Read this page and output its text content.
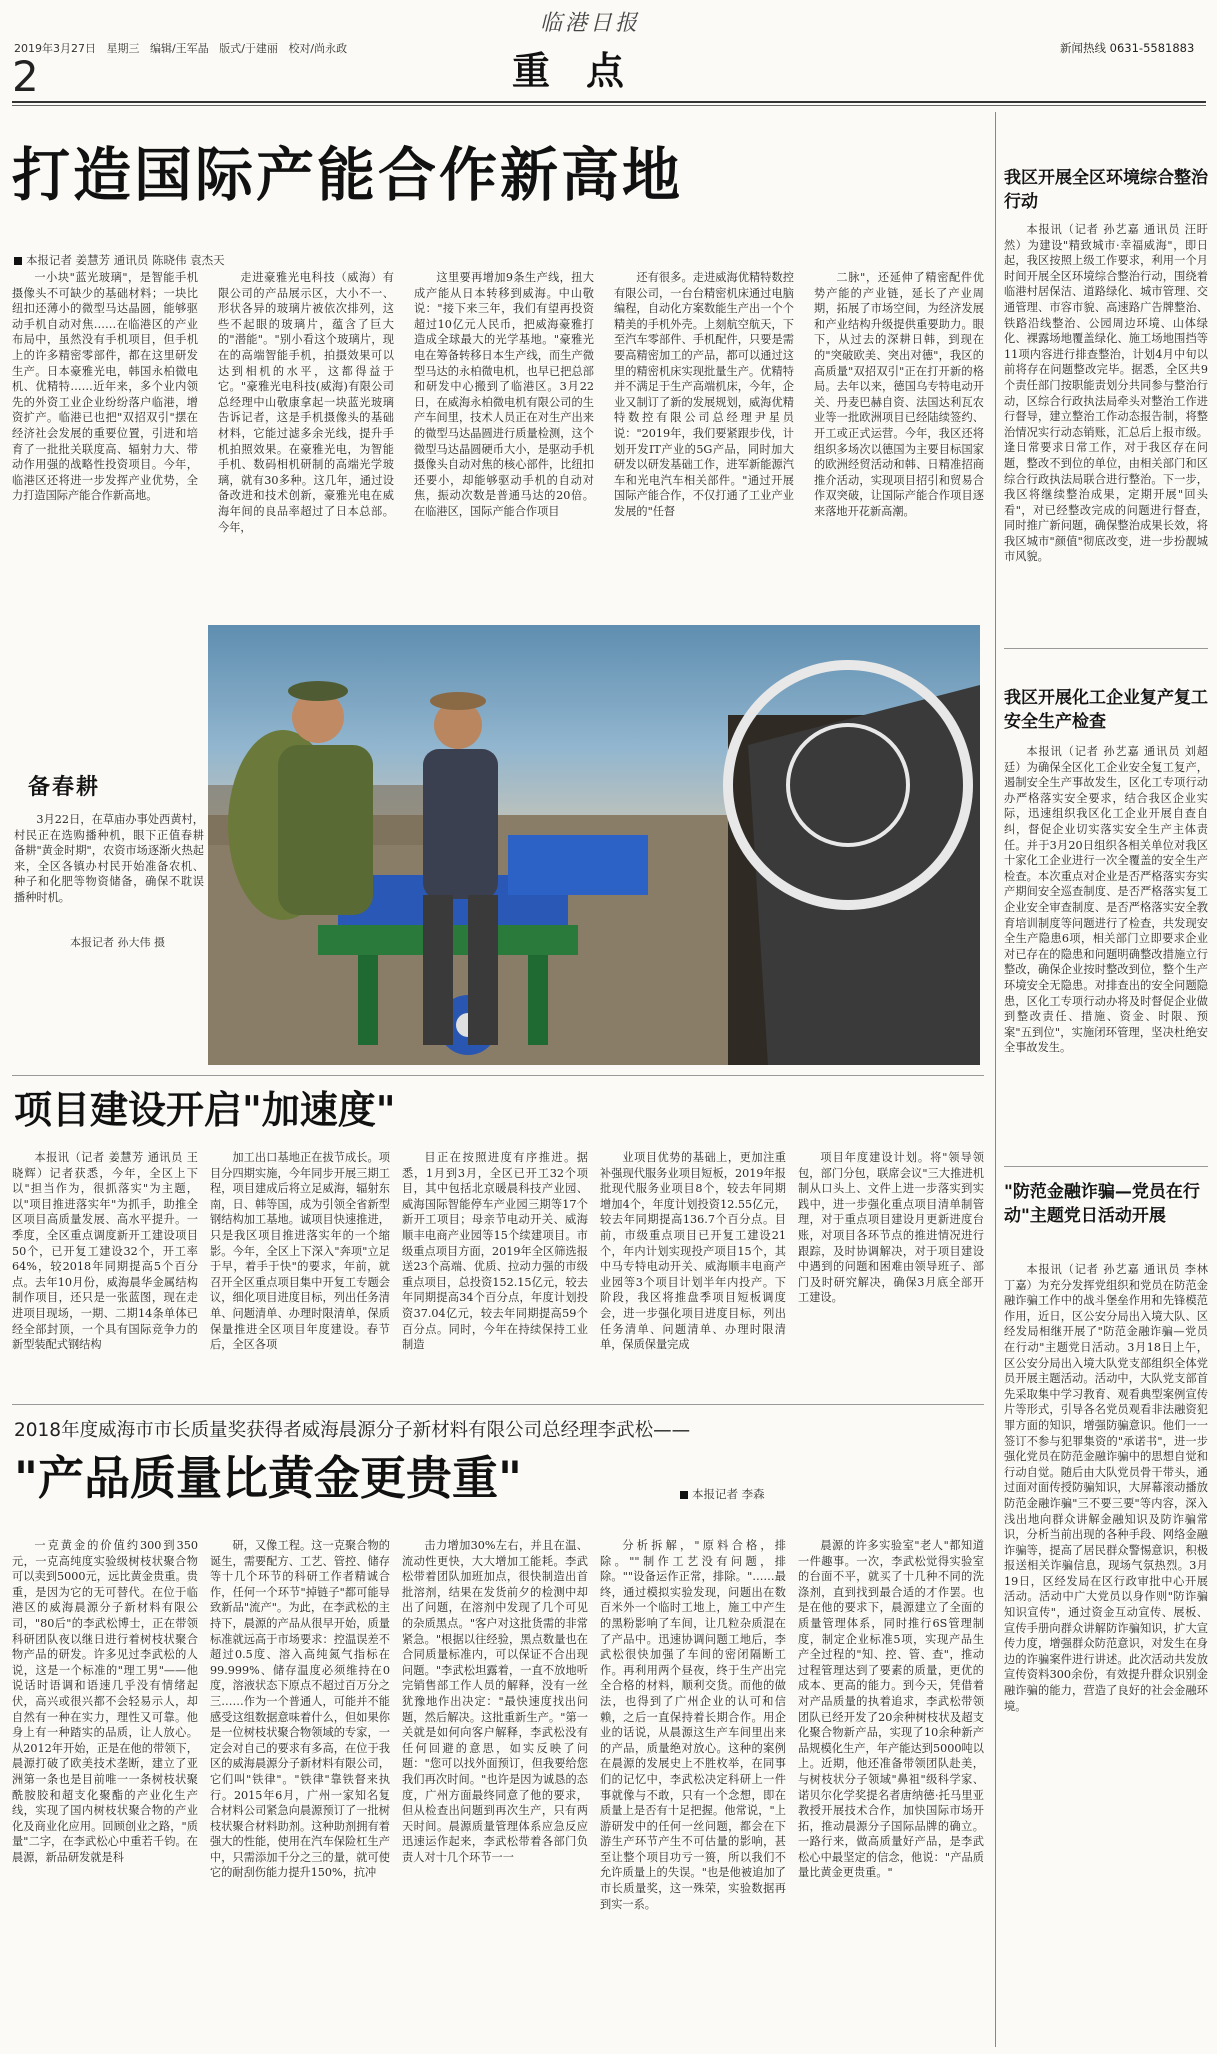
2019年3月27日 星期三 编辑/王军晶 版式/于建丽 校对/尚永政
临港日报
新闻热线 0631-5581883
2	重点
打造国际产能合作新高地
本报记者 姜慧芳 通讯员 陈晓伟 袁杰天

一小块"蓝光玻璃"，是智能手机摄像头不可缺少的基础材料；一块比纽扣还薄小的微型马达晶圆，能够驱动手机自动对焦……在临港区的产业布局中，虽然没有手机项目，但手机上的许多精密零部件，都在这里研发生产。日本豪雅光电，韩国永柏微电机、优精特……近年来，多个业内领先的外资工业企业纷纷落户临港，增资扩产。临港已也把"双招双引"摆在经济社会发展的重要位置，引进和培育了一批批关联度高、辐射力大、带动作用强的战略性投资项目。今年，临港区还将进一步发挥产业优势，全力打造国际产能合作新高地。

走进豪雅光电科技（威海）有限公司的产品展示区，大小不一、形状各异的玻璃片被依次排列，这些不起眼的玻璃片，蕴含了巨大的"潜能"。"别小看这个玻璃片，现在的高端智能手机，拍摄效果可以达到相机的水平，这都得益于它。"豪雅光电科技(威海)有限公司总经理中山敬康拿起一块蓝光玻璃告诉记者，这是手机摄像头的基础材料，它能过滤多余光线，提升手机拍照效果。在豪雅光电，为智能手机、数码相机研制的高端光学玻璃，就有30多种。这几年，通过设备改进和技术创新，豪雅光电在威海年间的良品率超过了日本总部。今年，

这里要再增加9条生产线，扭大成产能从日本转移到威海。中山敬说："接下来三年，我们有望再投资超过10亿元人民币，把威海豪雅打造成全球最大的光学基地。"豪雅光电在筹备转移日本生产线，而生产微型马达的永柏微电机，也早已把总部和研发中心搬到了临港区。3月22日，在威海永柏微电机有限公司的生产车间里，技术人员正在对生产出来的微型马达晶圆进行质量检测，这个微型马达晶圆硬币大小，是驱动手机摄像头自动对焦的核心部件，比纽扣还要小，却能够驱动手机的自动对焦，振动次数是普通马达的20倍。在临港区，国际产能合作项目

还有很多。走进威海优精特数控有限公司，一台台精密机床通过电脑编程，自动化方案数能生产出一个个精美的手机外壳。上刻航空航天，下至汽车零部件、手机配件，只要是需要高精密加工的产品，都可以通过这里的精密机床实现批量生产。优精特并不满足于生产高端机床，今年，企业又制订了新的发展规划，威海优精特数控有限公司总经理尹星员说："2019年，我们要紧跟步伐，计划开发IT产业的5G产品，同时加大研发以研发基础工作，进军新能源汽车和光电汽车相关部件。"通过开展国际产能合作，不仅打通了工业产业发展的"任督

二脉"，还延伸了精密配件优势产能的产业链，延长了产业周期，拓展了市场空间，为经济发展和产业结构升级提供重要助力。眼下，从过去的深耕日韩，到现在的"突破欧美、突出对德"，我区的高质量"双招双引"正在打开新的格局。去年以来，德国乌专特电动开关、丹麦巴赫自资、法国达利瓦农业等一批欧洲项目已经陆续签约、开工或正式运营。今年，我区还将组织多场次以德国为主要目标国家的欧洲经贸活动和韩、日精准招商推介活动，实现项目招引和贸易合作双突破，让国际产能合作项目逐来落地开花新高潮。

备春耕

3月22日，在草庙办事处西黄村，村民正在选购播种机，眼下正值春耕备耕"黄金时期"，农资市场逐渐火热起来，全区各镇办村民开始准备农机、种子和化肥等物资储备，确保不耽误播种时机。

本报记者 孙大伟 摄
项目建设开启"加速度"

本报讯（记者 姜慧芳 通讯员 王晓辉）记者获悉，今年，全区上下以"担当作为，很抓落实"为主题，以"项目推进落实年"为抓手，助推全区项目高质量发展、高水平提升。一季度，全区重点调度新开工建设项目50个，已开复工建设32个，开工率64%，较2018年同期提高5个百分点。去年10月份，威海晨华金属结构制作项目，还只是一张蓝图，现在走进项目现场，一期、二期14条单体已经全部封顶，一个具有国际竞争力的新型装配式钢结构

加工出口基地正在拔节成长。项目分四期实施，今年同步开展三期工程，项目建成后将立足威海，辐射东南，日、韩等国，成为引领全省新型钢结构加工基地。诚项目快速推进，只是我区项目推进落实年的一个缩影。今年，全区上下深入"奔项"立足于早，着手于快"的要求，年前，就召开全区重点项目集中开复工专题会议，细化项目进度目标，列出任务清单、问题清单、办理时限清单，保质保量推进全区项目年度建设。春节后，全区各项

目正在按照进度有序推进。据悉，1月到3月，全区已开工32个项目，其中包括北京暖晨科技产业园、威海国际智能停车产业园三期等17个新开工项目；母亲节电动开关、威海顺丰电商产业园等15个续建项目。市级重点项目方面，2019年全区筛选报送23个高端、优质、拉动力强的市级重点项目，总投资152.15亿元，较去年同期提高34个百分点，年度计划投资37.04亿元，较去年同期提高59个百分点。同时，今年在持续保持工业制造

业项目优势的基础上，更加注重补强现代服务业项目短板，2019年报批现代服务业项目8个，较去年同期增加4个，年度计划投资12.55亿元，较去年同期提高136.7个百分点。目前，市级重点项目已开复工建设21个，年内计划实现投产项目15个，其中马专特电动开关、威海顺丰电商产业园等3个项目计划半年内投产。下阶段，我区将推盘季项目短板调度会，进一步强化项目进度目标，列出任务清单、问题清单、办理时限清单，保质保量完成

项目年度建设计划。将"领导领包，部门分包，联席会议"三大推进机制从口头上、文件上进一步落实到实践中，进一步强化重点项目清单制管理，对于重点项目建设月更新进度台账，对项目各环节点的推进情况进行跟踪，及时协调解决，对于项目建设中遇到的问题和困难由领导班子、部门及时研究解决，确保3月底全部开工建设。

2018年度威海市市长质量奖获得者威海晨源分子新材料有限公司总经理李武松——
"产品质量比黄金更贵重"	本报记者 李森

一克黄金的价值约300到350元，一克高纯度实验级树枝状聚合物可以卖到5000元，远比黄金贵重。贵重，是因为它的无可替代。在位于临港区的威海晨源分子新材料有限公司，"80后"的李武松博士，正在带领科研团队夜以继日进行着树枝状聚合物产品的研发。许多见过李武松的人说，这是一个标准的"理工男"——他说话时语调和语速几乎没有情绪起伏，高兴或很兴都不会轻易示人，却自然有一种在实力，理性又可靠。他身上有一种踏实的品质，让人放心。从2012年开始，正是在他的带领下，晨源打破了欧美技术垄断，建立了亚洲第一条也是目前唯一一条树枝状聚酰胺胶和超支化聚酯的产业化生产线，实现了国内树枝状聚合物的产业化及商业化应用。回顾创业之路，"质量"二字，在李武松心中重若千钧。在晨源，新品研发就是科

研，又像工程。这一克聚合物的诞生，需要配方、工艺、管控、储存等十几个环节的科研工作者精诚合作，任何一个环节"掉链子"都可能导致新品"流产"。为此，在李武松的主持下，晨源的产品从很早开始，质量标准就远高于市场要求：控温误差不超过0.5度、溶入高纯氮气指标在99.999%、储存温度必须维持在0度，溶液状态下原点不超过百万分之三……作为一个普通人，可能并不能感受这组数据意味着什么，但如果你是一位树枝状聚合物领域的专家，一定会对自己的要求有多高，在位于我区的威海晨源分子新材料有限公司，它们叫"铁律"。"铁律"靠铁督来执行。2015年6月，广州一家知名复合材料公司紧急向晨源预订了一批树枝状聚合材料助剂。这种助剂拥有着强大的性能，使用在汽车保险杠生产中，只需添加千分之三的量，就可使它的耐刮伤能力提升150%，抗冲

击力增加30%左右，并且在温、流动性更快，大大增加工能耗。李武松带着团队加班加点，很快制造出首批溶剂，结果在发货前夕的检测中却出了问题，在溶剂中发现了几个可见的杂质黑点。"客户对这批货需的非常紧急。"根据以往经验，黑点数量也在合同质量标准内，可以保证不合出现问题。"李武松坦露着，一直不放地听完销售部工作人员的解释，没有一丝犹豫地作出决定："最快速度找出问题，然后解决。这批重新生产。"第一关就是如何向客户解释，李武松没有任何回避的意思，如实反映了问题："您可以找外面预订，但我要给您我们再次时间。"也许是因为诚恳的态度，广州方面最终同意了他的要求，但从检查出问题到再次生产，只有两天时间。晨源质量管理体系应急反应迅速运作起来，李武松带着各部门负责人对十几个环节一一

分析拆解，"原料合格，排除。""制作工艺没有问题，排除。""设备运作正常，排除。"……最终，通过模拟实验发现，问题出在数百米外一个临时工地上，施工中产生的黑粉影响了车间，让几粒杂质混在了产品中。迅速协调问题工地后，李武松很快加强了车间的密闭隔断工作。再利用两个昼夜，终于生产出完全合格的材料，顺利交货。而他的做法，也得到了广州企业的认可和信赖，之后一直保持着长期合作。用企业的话说，从晨源这生产车间里出来的产品，质量绝对放心。这种的案例在晨源的发展史上不胜枚举，在同事们的记忆中，李武松决定科研上一件事就像与不敢，只有一个念想，即在质量上是否有十足把握。他常说，"上游研发中的任何一丝问题，都会在下游生产环节产生不可估量的影响，甚至让整个项目功亏一篑，所以我们不允许质量上的失误。"也是他被追加了市长质量奖，这一殊荣，实验数据再到实一系。

晨源的许多实验室"老人"都知道一件趣事。一次，李武松觉得实验室的台面不平，就买了十几种不同的洗涤剂，直到找到最合适的才作罢。也是在他的要求下，晨源建立了全面的质量管理体系，同时推行6S管理制度，制定企业标准5项，实现产品生产全过程的"知、控、管、查"，推动过程管理达到了要素的质量，更优的成本、更高的能力。到今天，凭借着对产品质量的执着追求，李武松带领团队已经开发了20余种树枝状及超支化聚合物新产品，实现了10余种新产品规模化生产，年产能达到5000吨以上。近期，他还准备带领团队赴美，与树枝状分子领域"鼻祖"级科学家、诺贝尔化学奖提名者唐纳德·托马里亚教授开展技术合作，加快国际市场开拓，推动晨源分子国际品牌的确立。一路行来，做高质量好产品，是李武松心中最坚定的信念，他说："产品质量比黄金更贵重。"

我区开展全区环境综合整治行动

本报讯（记者 孙艺嘉 通讯员 汪盱然）为建设"精致城市·幸福威海"，即日起，我区按照上级工作要求，利用一个月时间开展全区环境综合整治行动，围绕着临港村居保洁、道路绿化、城市管理、交通管理、市容市貌、高速路广告牌整治、铁路沿线整治、公园周边环境、山体绿化、裸露场地覆盖绿化、施工场地围挡等11项内容进行排查整治，计划4月中旬以前将存在问题整改完毕。据悉，全区共9个责任部门按职能责划分共同参与整治行动，区综合行政执法局牵头对整治工作进行督导，建立整治工作动态报告制，将整治情况实行动态销账，汇总后上报市级。逢日常要求日常工作，对于我区存在问题，整改不到位的单位，由相关部门和区综合行政执法局联合进行整治。下一步，我区将继续整治成果，定期开展"回头看"，对已经整改完成的问题进行督查，同时推广新问题，确保整治成果长效，将我区城市"颜值"彻底改变，进一步扮靓城市风貌。

我区开展化工企业复产复工安全生产检查

本报讯（记者 孙艺嘉 通讯员 刘超廷）为确保全区化工企业安全复工复产，遏制安全生产事故发生，区化工专项行动办严格落实安全要求，结合我区企业实际，迅速组织我区化工企业开展自查自纠，督促企业切实落实安全生产主体责任。并于3月20日组织各相关单位对我区十家化工企业进行一次全覆盖的安全生产检查。本次重点对企业是否严格落实夯实产期间安全巡查制度、是否严格落实复工企业安全审查制度、是否严格落实安全教育培训制度等问题进行了检查，共发现安全生产隐患6项，相关部门立即要求企业对已存在的隐患和问题明确整改措施立行整改，确保企业按时整改到位，整个生产环境安全无隐患。对排查出的安全问题隐患，区化工专项行动办将及时督促企业做到整改责任、措施、资金、时限、预案"五到位"，实施闭环管理，坚决杜绝安全事故发生。

"防范金融诈骗—党员在行动"主题党日活动开展

本报讯（记者 孙艺嘉 通讯员 李林 丁嘉）为充分发挥党组织和党员在防范金融诈骗工作中的战斗堡垒作用和先锋模范作用，近日，区公安分局出入境大队、区经发局相继开展了"防范金融诈骗—党员在行动"主题党日活动。3月18日上午，区公安分局出入境大队党支部组织全体党员开展主题活动。活动中，大队党支部首先采取集中学习教育、观看典型案例宣传片等形式，引导各名党员观看非法融资犯罪方面的知识，增强防骗意识。他们一一签订不参与犯罪集资的"承诺书"，进一步强化党员在防范金融诈骗中的思想自觉和行动自觉。随后由大队党员骨干带头，通过面对面传授防骗知识，大屏幕滚动播放防范金融诈骗"三不要三要"等内容，深入浅出地向群众讲解金融知识及防诈骗常识，分析当前出现的各种手段、网络金融诈骗等，提高了居民群众警惕意识，积极报送相关诈骗信息，现场气氛热烈。3月19日，区经发局在区行政审批中心开展活动。活动中广大党员以身作则"防诈骗知识宣传"，通过资金互动宣传、展板、宣传手册向群众讲解防诈骗知识，扩大宣传力度，增强群众防范意识，对发生在身边的诈骗案件进行讲述。此次活动共发放宣传资料300余份，有效提升群众识别金融诈骗的能力，营造了良好的社会金融环境。
